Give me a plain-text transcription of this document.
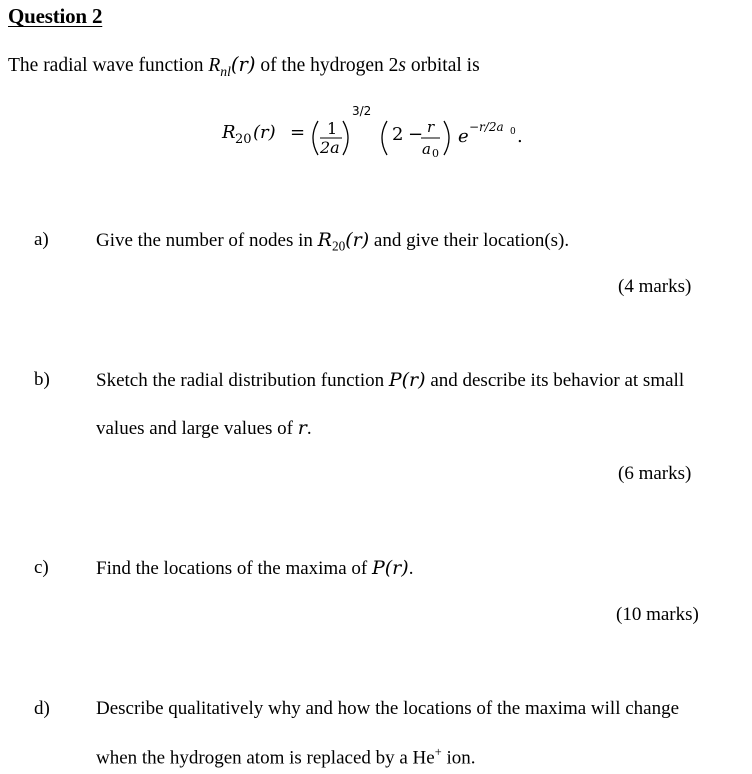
Question 2
The radial wave function $R_{nl}(r)$ of the hydrogen 2s orbital is
R 20 (r) = 1
2a
3/2
2 − r
a 0
e −r/2a 0 .
a) Give the number of nodes in $R_{20}(r)$ and give their location(s).
(4 marks)
b) Sketch the radial distribution function P(r) and describe its behavior at small
values and large values of r.
(6 marks)
c) Find the locations of the maxima of P(r).
(10 marks)
d) Describe qualitatively why and how the locations of the maxima will change
when the hydrogen atom is replaced by a He+ ion.
